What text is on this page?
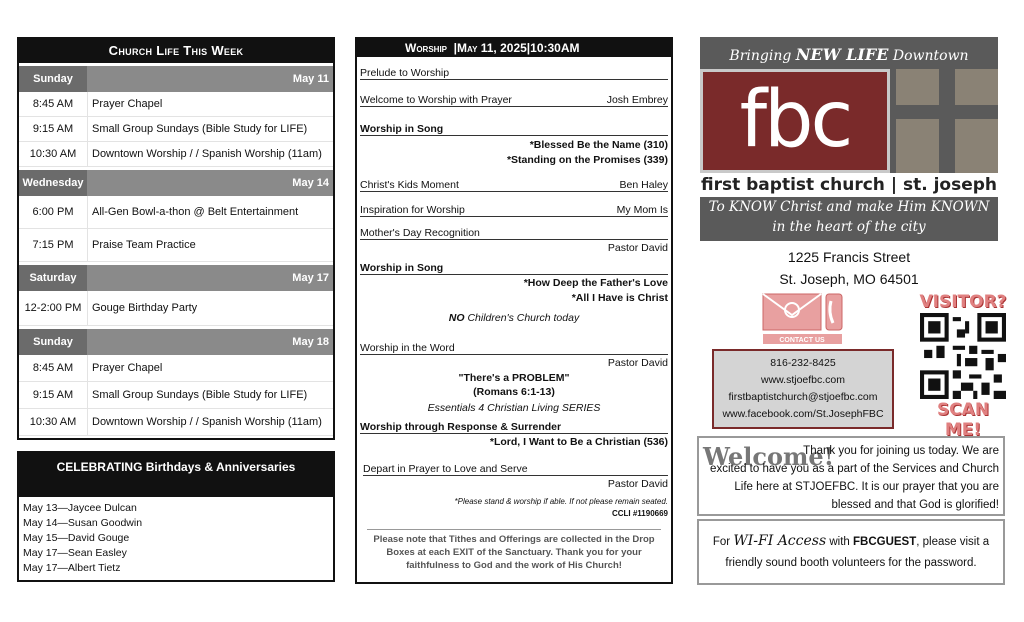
Church Life This Week
Sunday	May 11
8:45 AM	Prayer Chapel
9:15 AM	Small Group Sundays (Bible Study for LIFE)
10:30 AM	Downtown Worship / / Spanish Worship (11am)
Wednesday	May 14
6:00 PM	All-Gen Bowl-a-thon @ Belt Entertainment
7:15 PM	Praise Team Practice
Saturday	May 17
12-2:00 PM Gouge Birthday Party
Sunday	May 18
8:45 AM	Prayer Chapel
9:15 AM	Small Group Sundays (Bible Study for LIFE)
10:30 AM	Downtown Worship / / Spanish Worship (11am)
CELEBRATING Birthdays & Anniversaries
May 13—Jaycee Dulcan
May 14—Susan Goodwin
May 15—David Gouge
May 17—Sean Easley
May 17—Albert Tietz
Worship  |May 11, 2025|10:30AM
Prelude to Worship
Welcome to Worship with Prayer	Josh Embrey
Worship in Song
*Blessed Be the Name (310)
*Standing on the Promises (339)
Christ's Kids Moment	Ben Haley
Inspiration for Worship	My Mom Is
Mother's Day Recognition
Pastor David
Worship in Song
*How Deep the Father's Love
*All I Have is Christ
NO Children's Church today
Worship in the Word
Pastor David
"There's a PROBLEM"
(Romans 6:1-13)
Essentials 4 Christian Living SERIES
Worship through Response & Surrender
*Lord, I Want to Be a Christian (536)
Depart in Prayer to Love and Serve
Pastor David
*Please stand & worship if able. If not please remain seated.
CCLI #1190669
Please note that Tithes and Offerings are collected in the Drop Boxes at each EXIT of the Sanctuary. Thank you for your faithfulness to God and the work of His Church!
Bringing NEW LIFE Downtown
fbc
first baptist church | st. joseph
To KNOW Christ and make Him KNOWN
in the heart of the city
1225 Francis Street
St. Joseph, MO 64501
CONTACT US
816-232-8425
www.stjoefbc.com
firstbaptistchurch@stjoefbc.com
www.facebook.com/St.JosephFBC
VISITOR?
SCAN ME!
Welcome!
Thank you for joining us today. We are excited to have you as a part of the Services and Church Life here at STJOEFBC. It is our prayer that you are blessed and that God is glorified!
For WI-FI Access with FBCGUEST, please visit a friendly sound booth volunteers for the password.
